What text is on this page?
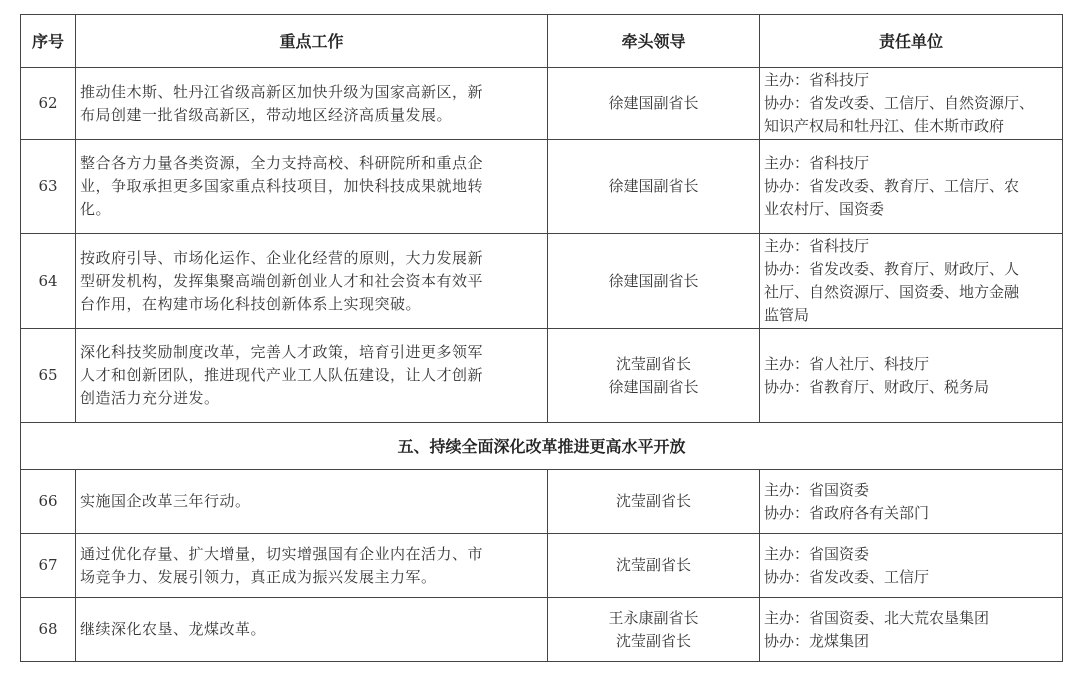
序号	重点工作	牵头领导	责任单位
62	推动佳木斯、牡丹江省级高新区加快升级为国家高新区，新
布局创建一批省级高新区，带动地区经济高质量发展。	徐建国副省长	主办：省科技厅
协办：省发改委、工信厅、自然资源厅、
知识产权局和牡丹江、佳木斯市政府

63	整合各方力量各类资源，全力支持高校、科研院所和重点企
业，争取承担更多国家重点科技项目，加快科技成果就地转
化。	徐建国副省长	主办：省科技厅
协办：省发改委、教育厅、工信厅、农
业农村厅、国资委

64	按政府引导、市场化运作、企业化经营的原则，大力发展新
型研发机构，发挥集聚高端创新创业人才和社会资本有效平
台作用，在构建市场化科技创新体系上实现突破。	徐建国副省长	主办：省科技厅
协办：省发改委、教育厅、财政厅、人
社厅、自然资源厅、国资委、地方金融
监管局

65	深化科技奖励制度改革，完善人才政策，培育引进更多领军
人才和创新团队，推进现代产业工人队伍建设，让人才创新
创造活力充分迸发。	沈莹副省长
徐建国副省长	主办：省人社厅、科技厅
协办：省教育厅、财政厅、税务局

五、持续全面深化改革推进更高水平开放			
66	实施国企改革三年行动。	沈莹副省长	主办：省国资委
协办：省政府各有关部门

67	通过优化存量、扩大增量，切实增强国有企业内在活力、市
场竞争力、发展引领力，真正成为振兴发展主力军。	沈莹副省长	主办：省国资委
协办：省发改委、工信厅

68	继续深化农垦、龙煤改革。	王永康副省长
沈莹副省长	主办：省国资委、北大荒农垦集团
协办：龙煤集团
